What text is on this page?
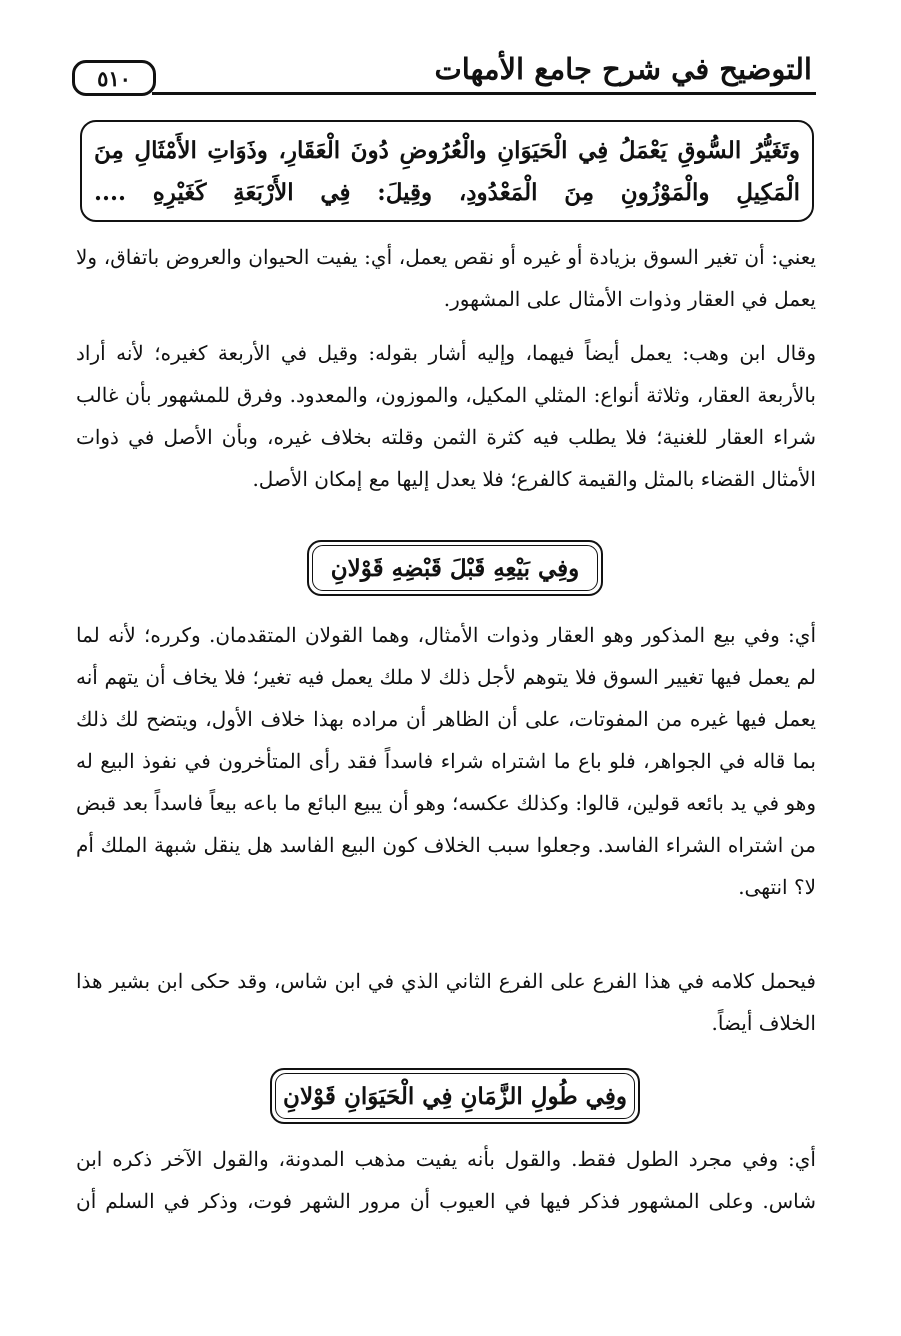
٥١٠	التوضيح في شرح جامع الأمهات
وتَغَيُّرُ السُّوقِ يَعْمَلُ فِي الْحَيَوَانِ والْعُرُوضِ دُونَ الْعَقَارِ، وذَوَاتِ الأَمْثَالِ مِنَ الْمَكِيلِ والْمَوْزُونِ مِنَ الْمَعْدُودِ، وقِيلَ: فِي الأَرْبَعَةِ كَغَيْرِهِ ....
يعني: أن تغير السوق بزيادة أو غيره أو نقص يعمل، أي: يفيت الحيوان والعروض باتفاق، ولا يعمل في العقار وذوات الأمثال على المشهور.
وقال ابن وهب: يعمل أيضاً فيهما، وإليه أشار بقوله: وقيل في الأربعة كغيره؛ لأنه أراد بالأربعة العقار، وثلاثة أنواع: المثلي المكيل، والموزون، والمعدود. وفرق للمشهور بأن غالب شراء العقار للغنية؛ فلا يطلب فيه كثرة الثمن وقلته بخلاف غيره، وبأن الأصل في ذوات الأمثال القضاء بالمثل والقيمة كالفرع؛ فلا يعدل إليها مع إمكان الأصل.
وفِي بَيْعِهِ قَبْلَ قَبْضِهِ قَوْلانِ
أي: وفي بيع المذكور وهو العقار وذوات الأمثال، وهما القولان المتقدمان. وكرره؛ لأنه لما لم يعمل فيها تغيير السوق فلا يتوهم لأجل ذلك لا ملك يعمل فيه تغير؛ فلا يخاف أن يتهم أنه يعمل فيها غيره من المفوتات، على أن الظاهر أن مراده بهذا خلاف الأول، ويتضح لك ذلك بما قاله في الجواهر، فلو باع ما اشتراه شراء فاسداً فقد رأى المتأخرون في نفوذ البيع له وهو في يد بائعه قولين، قالوا: وكذلك عكسه؛ وهو أن يبيع البائع ما باعه بيعاً فاسداً بعد قبض من اشتراه الشراء الفاسد. وجعلوا سبب الخلاف كون البيع الفاسد هل ينقل شبهة الملك أم لا؟ انتهى.
فيحمل كلامه في هذا الفرع على الفرع الثاني الذي في ابن شاس، وقد حكى ابن بشير هذا الخلاف أيضاً.
وفِي طُولِ الزَّمَانِ فِي الْحَيَوَانِ قَوْلانِ
أي: وفي مجرد الطول فقط. والقول بأنه يفيت مذهب المدونة، والقول الآخر ذكره ابن شاس. وعلى المشهور فذكر فيها في العيوب أن مرور الشهر فوت، وذكر في السلم أن
